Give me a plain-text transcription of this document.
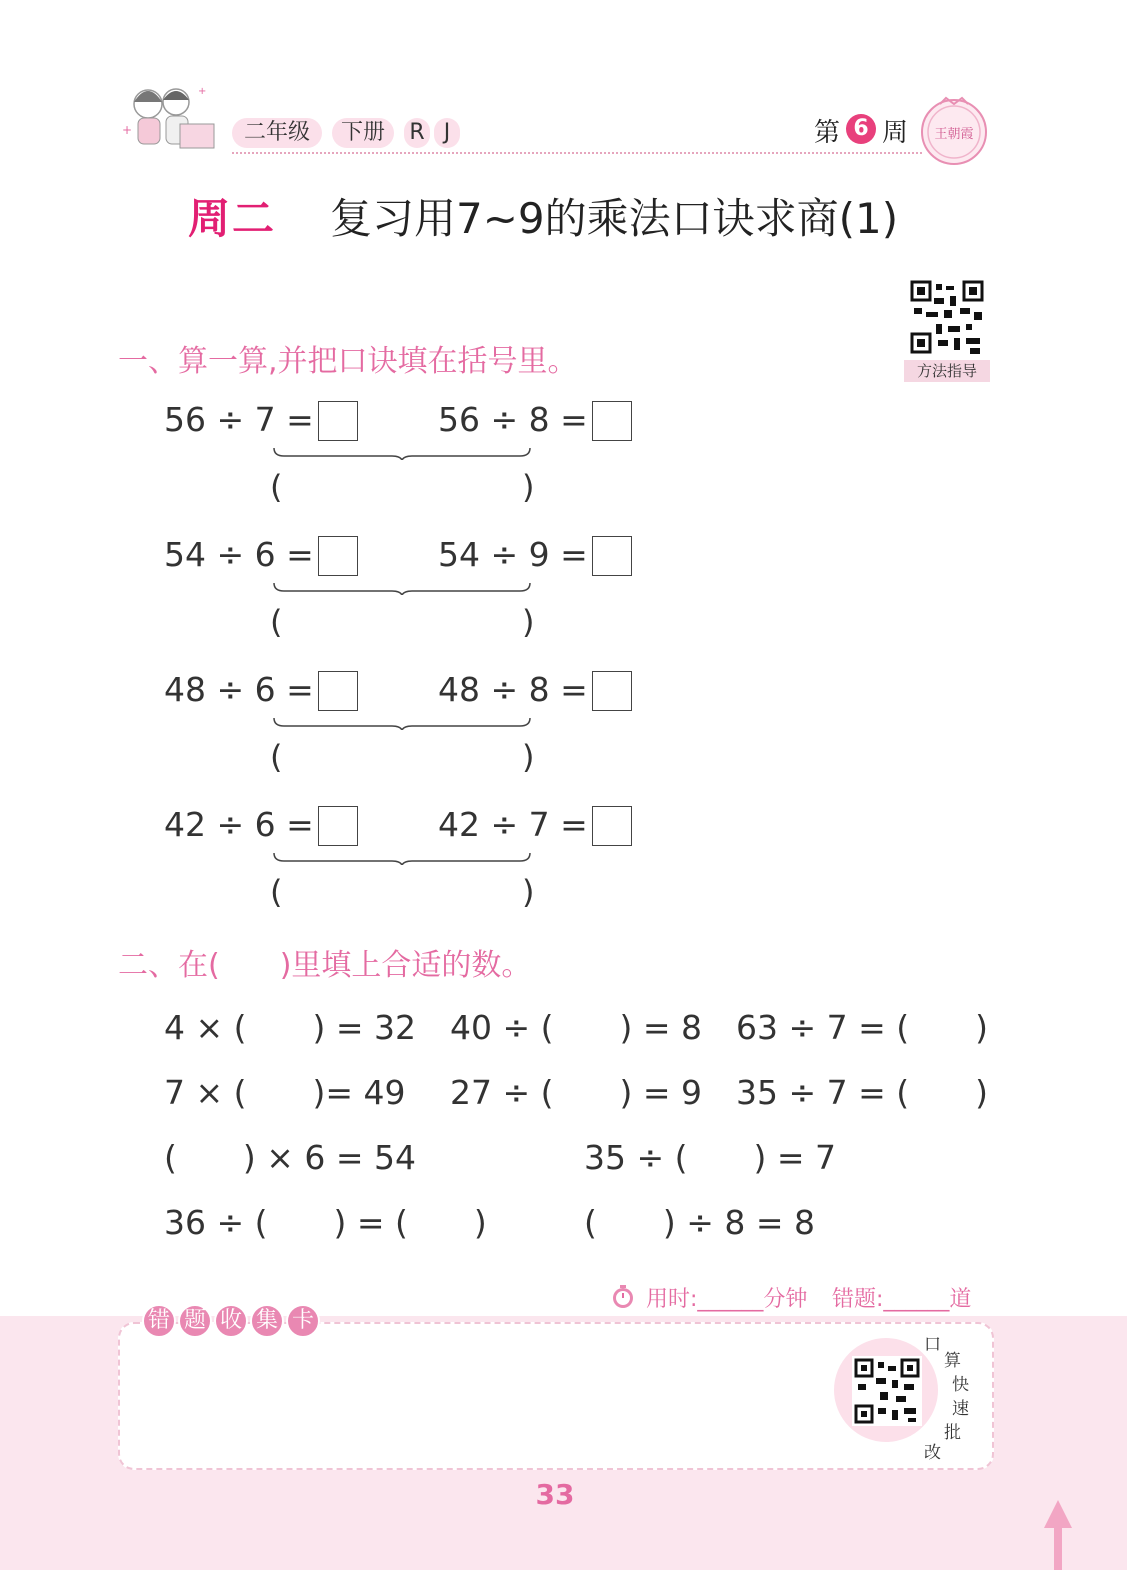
+
+
二年级	下册	R J	第 6 周 王朝霞
周二 复习用7~9的乘法口诀求商(1)
方法指导
一、算一算,并把口诀填在括号里。
56 ÷ 7 =	56 ÷ 8 =
(	)
54 ÷ 6 =	54 ÷ 9 =
(	)
48 ÷ 6 =	48 ÷ 8 =
(	)
42 ÷ 6 =	42 ÷ 7 =
(	)
二、在(　　)里填上合适的数。
4 × (　　) = 32 40 ÷ (　　) = 8 63 ÷ 7 = (　　)
7 × (　　)= 49 27 ÷ (　　) = 9 35 ÷ 7 = (　　)
(　　) × 6 = 54	35 ÷ (　　) = 7
36 ÷ (　　) = (　　)	(　　) ÷ 8 = 8
用时:______分钟 错题:______道
错 题 收 集 卡
口
算
快
速
批
改
33
